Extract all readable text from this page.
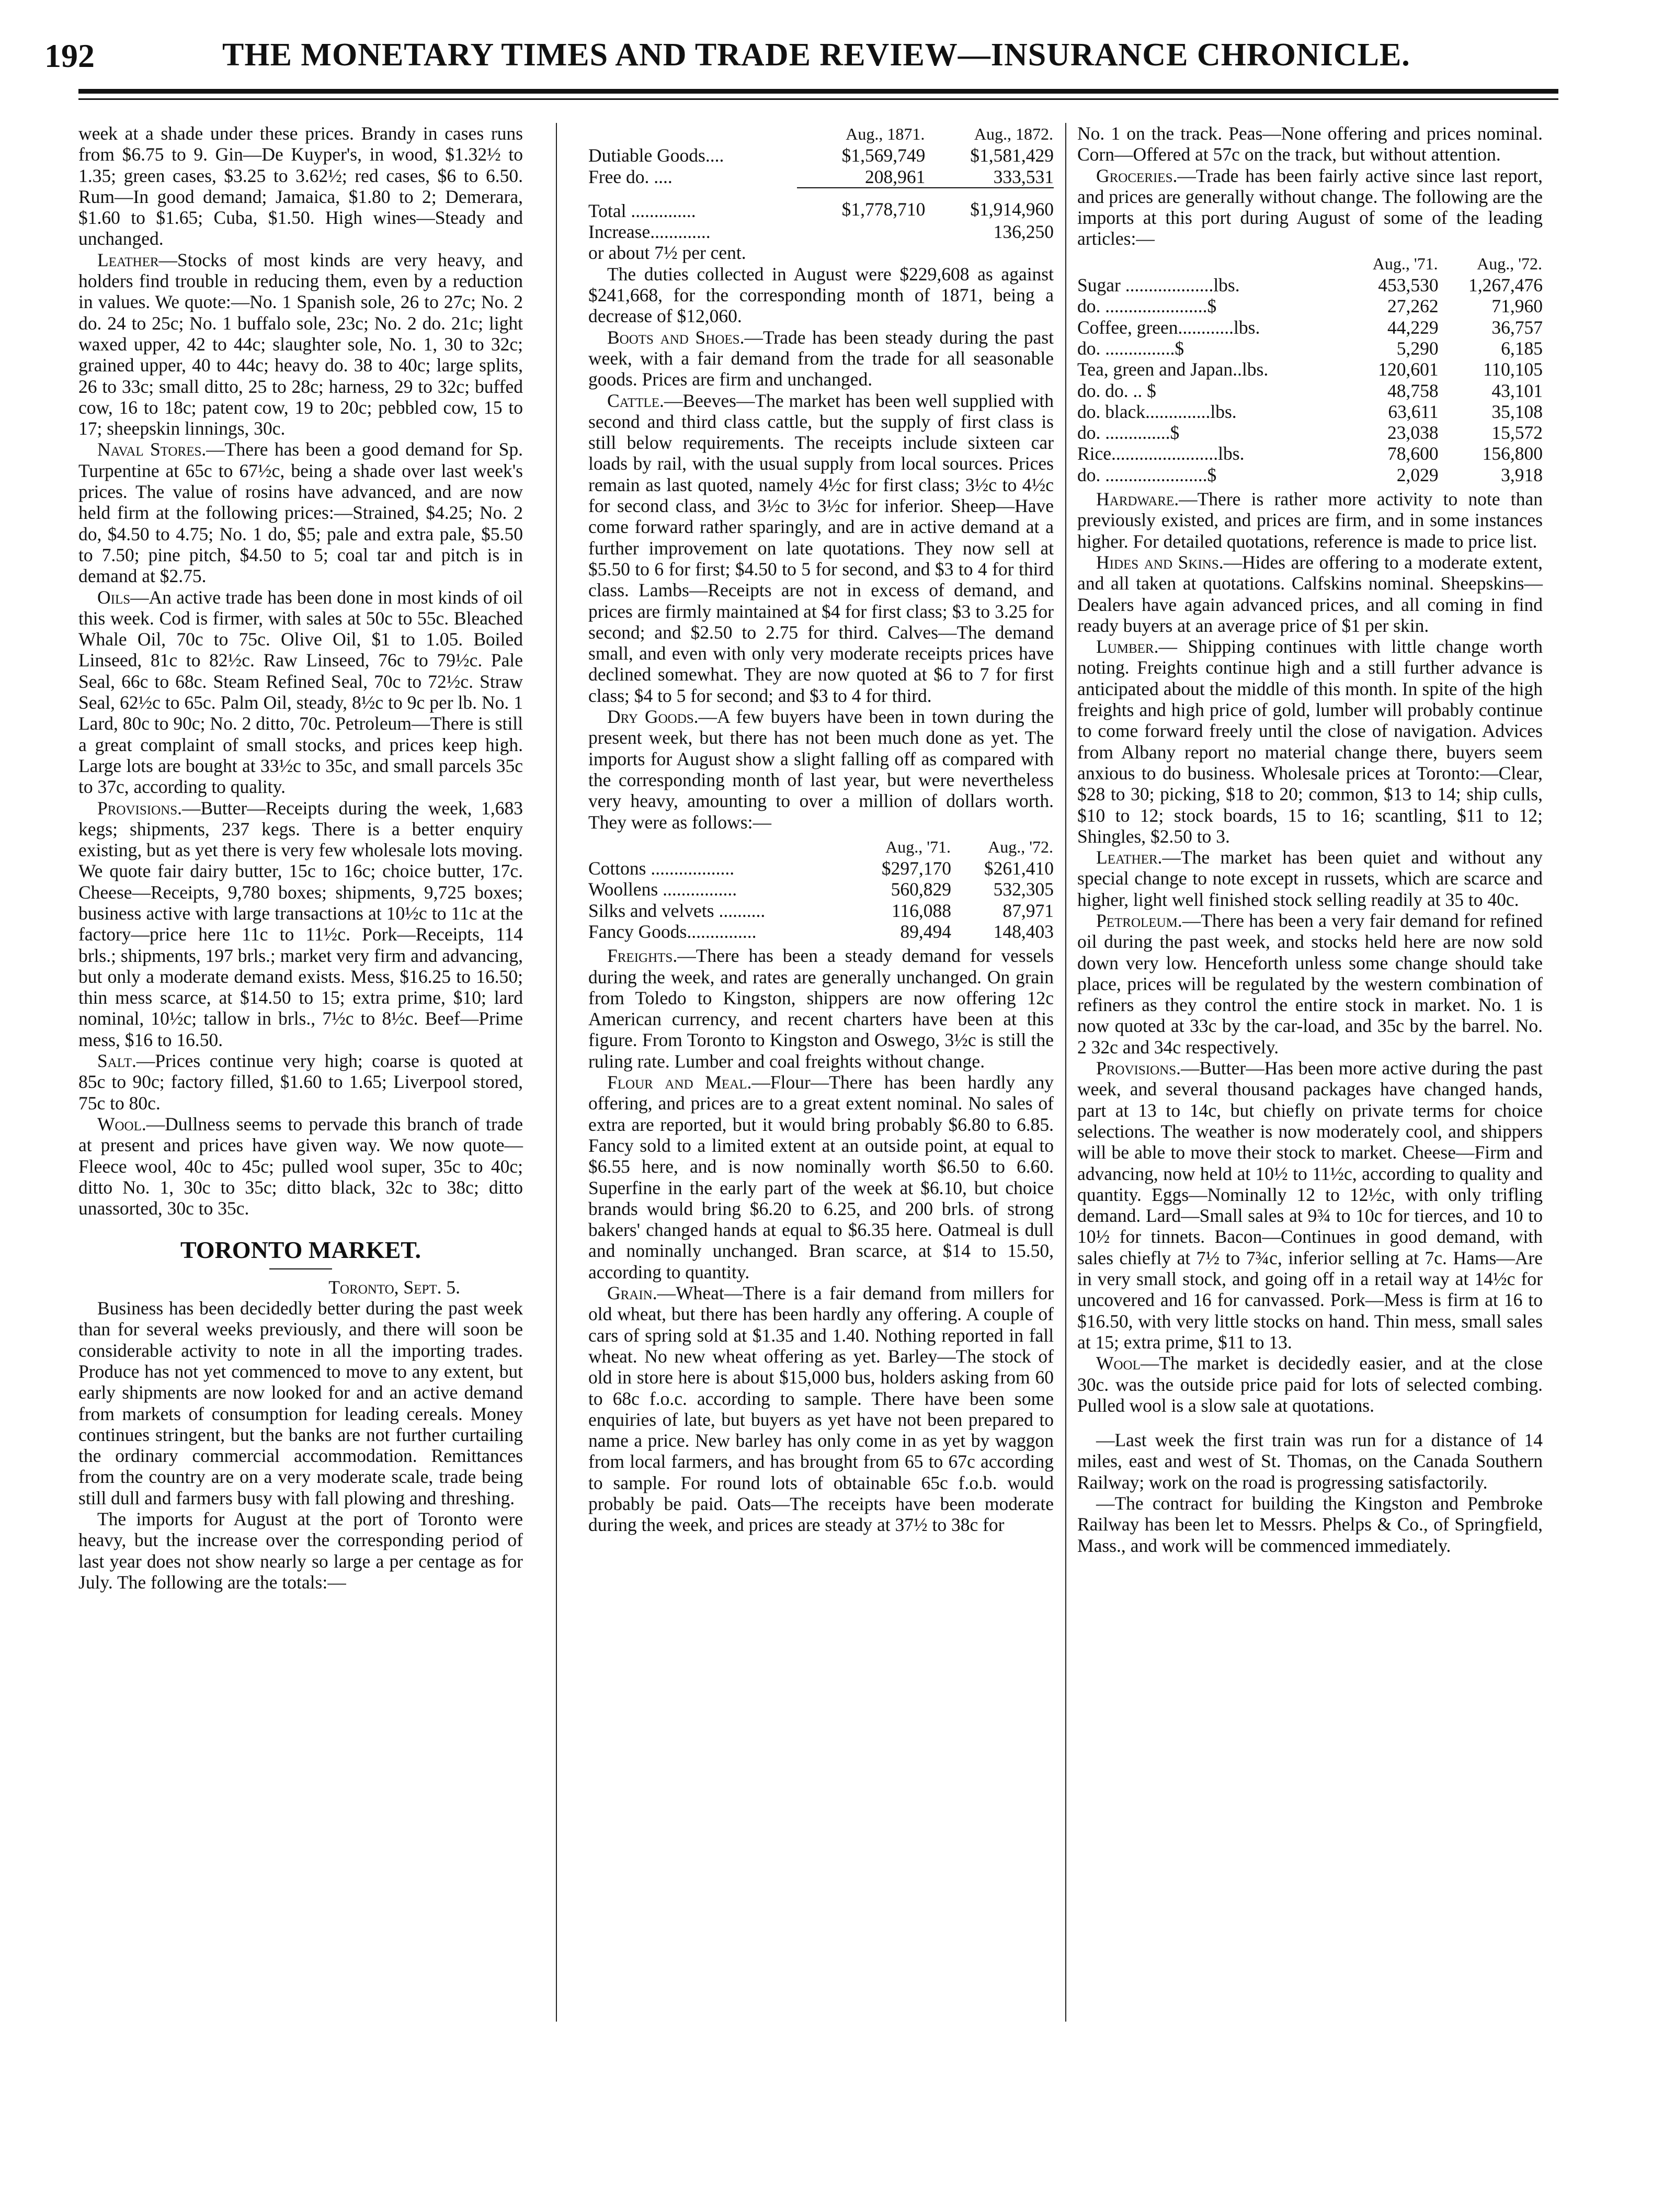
192	THE MONETARY TIMES AND TRADE REVIEW—INSURANCE CHRONICLE.

week at a shade under these prices. Brandy in cases runs from $6.75 to 9. Gin—De Kuyper's, in wood, $1.32½ to 1.35; green cases, $3.25 to 3.62½; red cases, $6 to 6.50. Rum—In good demand; Jamaica, $1.80 to 2; Demerara, $1.60 to $1.65; Cuba, $1.50. High wines—Steady and unchanged.

Leather—Stocks of most kinds are very heavy, and holders find trouble in reducing them, even by a reduction in values. We quote:—No. 1 Spanish sole, 26 to 27c; No. 2 do. 24 to 25c; No. 1 buffalo sole, 23c; No. 2 do. 21c; light waxed upper, 42 to 44c; slaughter sole, No. 1, 30 to 32c; grained upper, 40 to 44c; heavy do. 38 to 40c; large splits, 26 to 33c; small ditto, 25 to 28c; harness, 29 to 32c; buffed cow, 16 to 18c; patent cow, 19 to 20c; pebbled cow, 15 to 17; sheepskin linnings, 30c.

Naval Stores.—There has been a good demand for Sp. Turpentine at 65c to 67½c, being a shade over last week's prices. The value of rosins have advanced, and are now held firm at the following prices:—Strained, $4.25; No. 2 do, $4.50 to 4.75; No. 1 do, $5; pale and extra pale, $5.50 to 7.50; pine pitch, $4.50 to 5; coal tar and pitch is in demand at $2.75.

Oils—An active trade has been done in most kinds of oil this week. Cod is firmer, with sales at 50c to 55c. Bleached Whale Oil, 70c to 75c. Olive Oil, $1 to 1.05. Boiled Linseed, 81c to 82½c. Raw Linseed, 76c to 79½c. Pale Seal, 66c to 68c. Steam Refined Seal, 70c to 72½c. Straw Seal, 62½c to 65c. Palm Oil, steady, 8½c to 9c per lb. No. 1 Lard, 80c to 90c; No. 2 ditto, 70c. Petroleum—There is still a great complaint of small stocks, and prices keep high. Large lots are bought at 33½c to 35c, and small parcels 35c to 37c, according to quality.

Provisions.—Butter—Receipts during the week, 1,683 kegs; shipments, 237 kegs. There is a better enquiry existing, but as yet there is very few wholesale lots moving. We quote fair dairy butter, 15c to 16c; choice butter, 17c. Cheese—Receipts, 9,780 boxes; shipments, 9,725 boxes; business active with large transactions at 10½c to 11c at the factory—price here 11c to 11½c. Pork—Receipts, 114 brls.; shipments, 197 brls.; market very firm and advancing, but only a moderate demand exists. Mess, $16.25 to 16.50; thin mess scarce, at $14.50 to 15; extra prime, $10; lard nominal, 10½c; tallow in brls., 7½c to 8½c. Beef—Prime mess, $16 to 16.50.

Salt.—Prices continue very high; coarse is quoted at 85c to 90c; factory filled, $1.60 to 1.65; Liverpool stored, 75c to 80c.

Wool.—Dullness seems to pervade this branch of trade at present and prices have given way. We now quote—Fleece wool, 40c to 45c; pulled wool super, 35c to 40c; ditto No. 1, 30c to 35c; ditto black, 32c to 38c; ditto unassorted, 30c to 35c.

TORONTO MARKET.
Toronto, Sept. 5.

Business has been decidedly better during the past week than for several weeks previously, and there will soon be considerable activity to note in all the importing trades. Produce has not yet commenced to move to any extent, but early shipments are now looked for and an active demand from markets of consumption for leading cereals. Money continues stringent, but the banks are not further curtailing the ordinary commercial accommodation. Remittances from the country are on a very moderate scale, trade being still dull and farmers busy with fall plowing and threshing.

The imports for August at the port of Toronto were heavy, but the increase over the corresponding period of last year does not show nearly so large a per centage as for July. The following are the totals:—

	Aug., 1871.	Aug., 1872.
Dutiable Goods....	$1,569,749	$1,581,429
Free do. ....	208,961	333,531
Total ..............	$1,778,710	$1,914,960
Increase.............		136,250

or about 7½ per cent.

The duties collected in August were $229,608 as against $241,668, for the corresponding month of 1871, being a decrease of $12,060.

Boots and Shoes.—Trade has been steady during the past week, with a fair demand from the trade for all seasonable goods. Prices are firm and unchanged.

Cattle.—Beeves—The market has been well supplied with second and third class cattle, but the supply of first class is still below requirements. The receipts include sixteen car loads by rail, with the usual supply from local sources. Prices remain as last quoted, namely 4½c for first class; 3½c to 4½c for second class, and 3½c to 3½c for inferior. Sheep—Have come forward rather sparingly, and are in active demand at a further improvement on late quotations. They now sell at $5.50 to 6 for first; $4.50 to 5 for second, and $3 to 4 for third class. Lambs—Receipts are not in excess of demand, and prices are firmly maintained at $4 for first class; $3 to 3.25 for second; and $2.50 to 2.75 for third. Calves—The demand small, and even with only very moderate receipts prices have declined somewhat. They are now quoted at $6 to 7 for first class; $4 to 5 for second; and $3 to 4 for third.

Dry Goods.—A few buyers have been in town during the present week, but there has not been much done as yet. The imports for August show a slight falling off as compared with the corresponding month of last year, but were nevertheless very heavy, amounting to over a million of dollars worth. They were as follows:—

	Aug., '71.	Aug., '72.
Cottons ..................	$297,170	$261,410
Woollens ................	560,829	532,305
Silks and velvets ..........	116,088	87,971
Fancy Goods...............	89,494	148,403

Freights.—There has been a steady demand for vessels during the week, and rates are generally unchanged. On grain from Toledo to Kingston, shippers are now offering 12c American currency, and recent charters have been at this figure. From Toronto to Kingston and Oswego, 3½c is still the ruling rate. Lumber and coal freights without change.

Flour and Meal.—Flour—There has been hardly any offering, and prices are to a great extent nominal. No sales of extra are reported, but it would bring probably $6.80 to 6.85. Fancy sold to a limited extent at an outside point, at equal to $6.55 here, and is now nominally worth $6.50 to 6.60. Superfine in the early part of the week at $6.10, but choice brands would bring $6.20 to 6.25, and 200 brls. of strong bakers' changed hands at equal to $6.35 here. Oatmeal is dull and nominally unchanged. Bran scarce, at $14 to 15.50, according to quantity.

Grain.—Wheat—There is a fair demand from millers for old wheat, but there has been hardly any offering. A couple of cars of spring sold at $1.35 and 1.40. Nothing reported in fall wheat. No new wheat offering as yet. Barley—The stock of old in store here is about $15,000 bus, holders asking from 60 to 68c f.o.c. according to sample. There have been some enquiries of late, but buyers as yet have not been prepared to name a price. New barley has only come in as yet by waggon from local farmers, and has brought from 65 to 67c according to sample. For round lots of obtainable 65c f.o.b. would probably be paid. Oats—The receipts have been moderate during the week, and prices are steady at 37½ to 38c for

No. 1 on the track. Peas—None offering and prices nominal. Corn—Offered at 57c on the track, but without attention.

Groceries.—Trade has been fairly active since last report, and prices are generally without change. The following are the imports at this port during August of some of the leading articles:—

	Aug., '71.	Aug., '72.
Sugar ...................lbs.	453,530	1,267,476
do. ......................$	27,262	71,960
Coffee, green............lbs.	44,229	36,757
do. ...............$	5,290	6,185
Tea, green and Japan..lbs.	120,601	110,105
do. do. .. $	48,758	43,101
do. black..............lbs.	63,611	35,108
do. ..............$	23,038	15,572
Rice.......................lbs.	78,600	156,800
do. ......................$	2,029	3,918

Hardware.—There is rather more activity to note than previously existed, and prices are firm, and in some instances higher. For detailed quotations, reference is made to price list.

Hides and Skins.—Hides are offering to a moderate extent, and all taken at quotations. Calfskins nominal. Sheepskins—Dealers have again advanced prices, and all coming in find ready buyers at an average price of $1 per skin.

Lumber.— Shipping continues with little change worth noting. Freights continue high and a still further advance is anticipated about the middle of this month. In spite of the high freights and high price of gold, lumber will probably continue to come forward freely until the close of navigation. Advices from Albany report no material change there, buyers seem anxious to do business. Wholesale prices at Toronto:—Clear, $28 to 30; picking, $18 to 20; common, $13 to 14; ship culls, $10 to 12; stock boards, 15 to 16; scantling, $11 to 12; Shingles, $2.50 to 3.

Leather.—The market has been quiet and without any special change to note except in russets, which are scarce and higher, light well finished stock selling readily at 35 to 40c.

Petroleum.—There has been a very fair demand for refined oil during the past week, and stocks held here are now sold down very low. Henceforth unless some change should take place, prices will be regulated by the western combination of refiners as they control the entire stock in market. No. 1 is now quoted at 33c by the car-load, and 35c by the barrel. No. 2 32c and 34c respectively.

Provisions.—Butter—Has been more active during the past week, and several thousand packages have changed hands, part at 13 to 14c, but chiefly on private terms for choice selections. The weather is now moderately cool, and shippers will be able to move their stock to market. Cheese—Firm and advancing, now held at 10½ to 11½c, according to quality and quantity. Eggs—Nominally 12 to 12½c, with only trifling demand. Lard—Small sales at 9¾ to 10c for tierces, and 10 to 10½ for tinnets. Bacon—Continues in good demand, with sales chiefly at 7½ to 7¾c, inferior selling at 7c. Hams—Are in very small stock, and going off in a retail way at 14½c for uncovered and 16 for canvassed. Pork—Mess is firm at 16 to $16.50, with very little stocks on hand. Thin mess, small sales at 15; extra prime, $11 to 13.

Wool—The market is decidedly easier, and at the close 30c. was the outside price paid for lots of selected combing. Pulled wool is a slow sale at quotations.

—Last week the first train was run for a distance of 14 miles, east and west of St. Thomas, on the Canada Southern Railway; work on the road is progressing satisfactorily.

—The contract for building the Kingston and Pembroke Railway has been let to Messrs. Phelps & Co., of Springfield, Mass., and work will be commenced immediately.
